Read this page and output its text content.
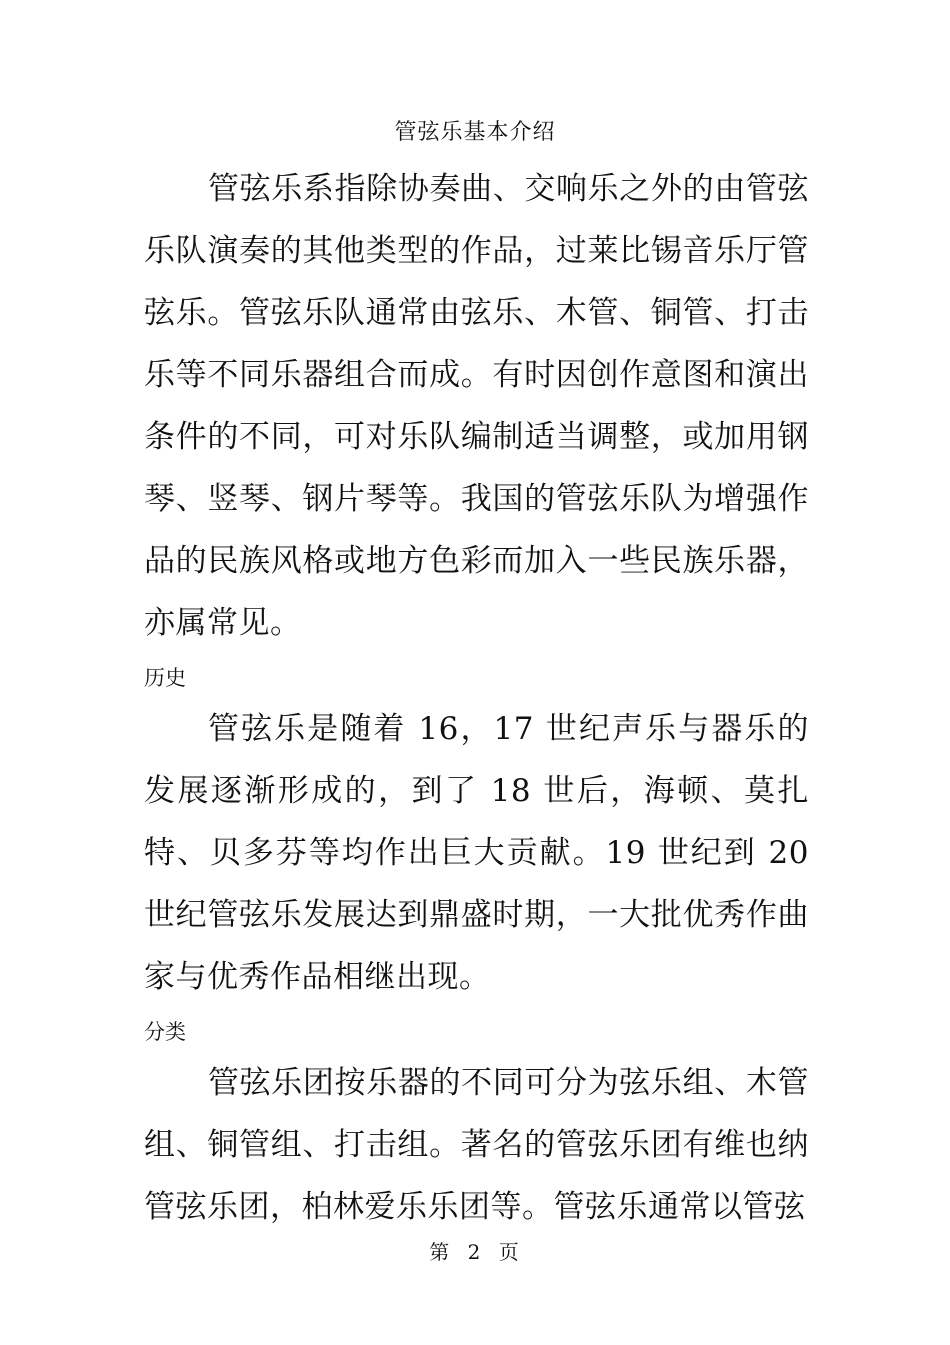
管弦乐基本介绍
管弦乐系指除协奏曲、交响乐之外的由管弦乐队演奏的其他类型的作品，过莱比锡音乐厅管弦乐。管弦乐队通常由弦乐、木管、铜管、打击乐等不同乐器组合而成。有时因创作意图和演出条件的不同，可对乐队编制适当调整，或加用钢琴、竖琴、钢片琴等。我国的管弦乐队为增强作品的民族风格或地方色彩而加入一些民族乐器，亦属常见。
历史
管弦乐是随着 16，17 世纪声乐与器乐的发展逐渐形成的，到了 18 世后，海顿、莫扎特、贝多芬等均作出巨大贡献。19 世纪到 20 世纪管弦乐发展达到鼎盛时期，一大批优秀作曲家与优秀作品相继出现。
分类
管弦乐团按乐器的不同可分为弦乐组、木管组、铜管组、打击组。著名的管弦乐团有维也纳管弦乐团，柏林爱乐乐团等。管弦乐通常以管弦
第 2 页
